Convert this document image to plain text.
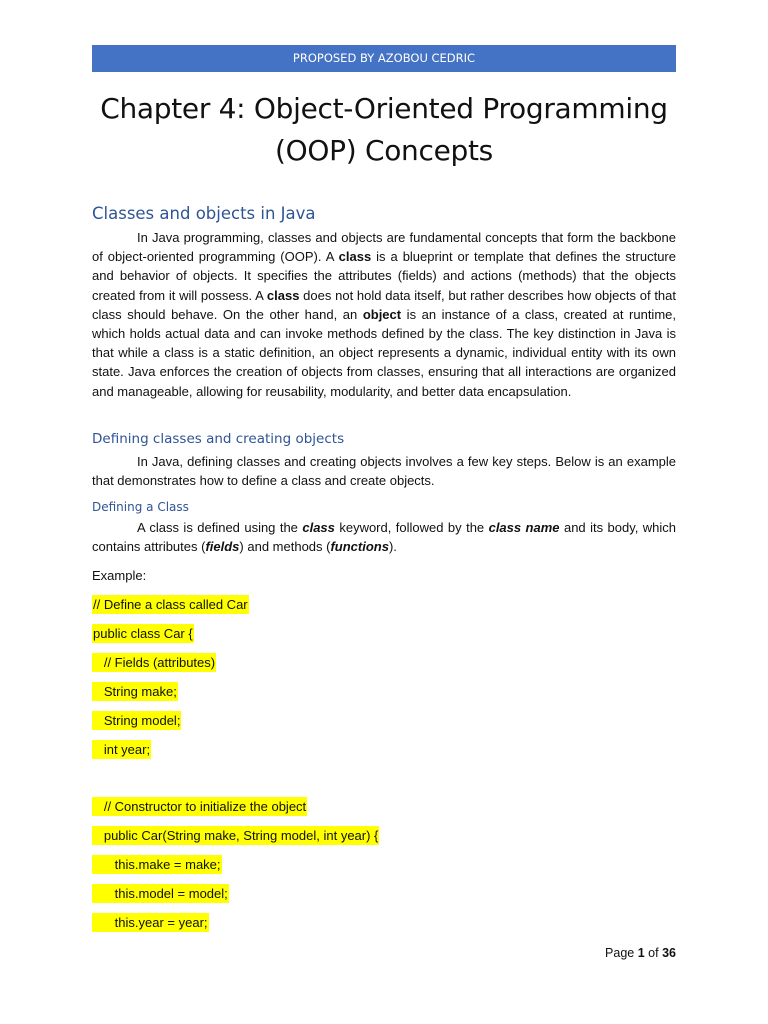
PROPOSED BY AZOBOU CEDRIC
Chapter 4: Object-Oriented Programming
(OOP) Concepts
Classes and objects in Java

In Java programming, classes and objects are fundamental concepts that form the backbone of object-oriented programming (OOP). A class is a blueprint or template that defines the structure and behavior of objects. It specifies the attributes (fields) and actions (methods) that the objects created from it will possess. A class does not hold data itself, but rather describes how objects of that class should behave. On the other hand, an object is an instance of a class, created at runtime, which holds actual data and can invoke methods defined by the class. The key distinction in Java is that while a class is a static definition, an object represents a dynamic, individual entity with its own state. Java enforces the creation of objects from classes, ensuring that all interactions are organized and manageable, allowing for reusability, modularity, and better data encapsulation.

Defining classes and creating objects

In Java, defining classes and creating objects involves a few key steps. Below is an example that demonstrates how to define a class and create objects.

Defining a Class

A class is defined using the class keyword, followed by the class name and its body, which contains attributes (fields) and methods (functions).

Example:
// Define a class called Car
public class Car {
// Fields (attributes)
String make;
String model;
int year;
// Constructor to initialize the object
public Car(String make, String model, int year) {
this.make = make;
this.model = model;
this.year = year;
Page 1 of 36
